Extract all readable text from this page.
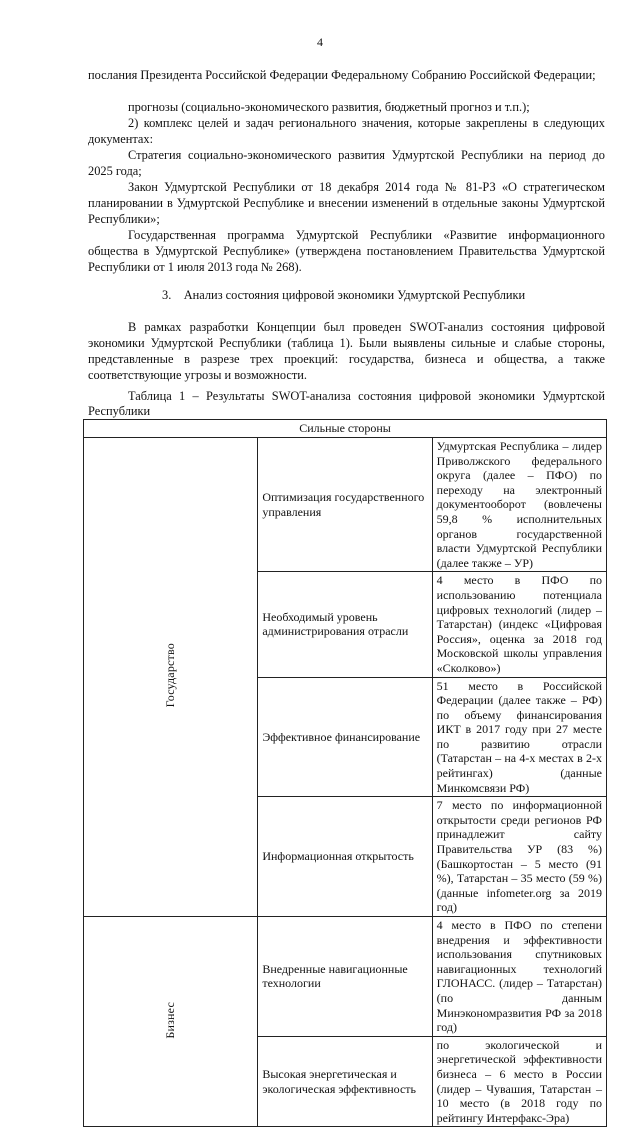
4
послания Президента Российской Федерации Федеральному Собранию Российской Федерации;
прогнозы (социально-экономического развития, бюджетный прогноз и т.п.);
2) комплекс целей и задач регионального значения, которые закреплены в следующих документах:
Стратегия социально-экономического развития Удмуртской Республики на период до 2025 года;
Закон Удмуртской Республики от 18 декабря 2014 года № 81-РЗ «О стратегическом планировании в Удмуртской Республике и внесении изменений в отдельные законы Удмуртской Республики»;
Государственная программа Удмуртской Республики «Развитие информационного общества в Удмуртской Республике» (утверждена постановлением Правительства Удмуртской Республики от 1 июля 2013 года № 268).
3. Анализ состояния цифровой экономики Удмуртской Республики
В рамках разработки Концепции был проведен SWOT-анализ состояния цифровой экономики Удмуртской Республики (таблица 1). Были выявлены сильные и слабые стороны, представленные в разрезе трех проекций: государства, бизнеса и общества, а также соответствующие угрозы и возможности.
Таблица 1 – Результаты SWOT-анализа состояния цифровой экономики Удмуртской Республики
Сильные стороны		
Государство	Оптимизация государственного управления	Удмуртская Республика – лидер Приволжского федерального округа (далее – ПФО) по переходу на электронный документооборот (вовлечены 59,8 % исполнительных органов государственной власти Удмуртской Республики (далее также – УР)
	Необходимый уровень администрирования отрасли	4 место в ПФО по использованию потенциала цифровых технологий (лидер – Татарстан) (индекс «Цифровая Россия», оценка за 2018 год Московской школы управления «Сколково»)
	Эффективное финансирование	51 место в Российской Федерации (далее также – РФ) по объему финансирования ИКТ в 2017 году при 27 месте по развитию отрасли (Татарстан – на 4-х местах в 2-х рейтингах) (данные Минкомсвязи РФ)
	Информационная открытость	7 место по информационной открытости среди регионов РФ принадлежит сайту Правительства УР (83 %) (Башкортостан – 5 место (91 %), Татарстан – 35 место (59 %) (данные infometer.org за 2019 год)
Бизнес	Внедренные навигационные технологии	4 место в ПФО по степени внедрения и эффективности использования спутниковых навигационных технологий ГЛОНАСС. (лидер – Татарстан) (по данным Минэкономразвития РФ за 2018 год)
	Высокая энергетическая и экологическая эффективность	по экологической и энергетической эффективности бизнеса – 6 место в России (лидер – Чувашия, Татарстан – 10 место (в 2018 году по рейтингу Интерфакс-Эра)
